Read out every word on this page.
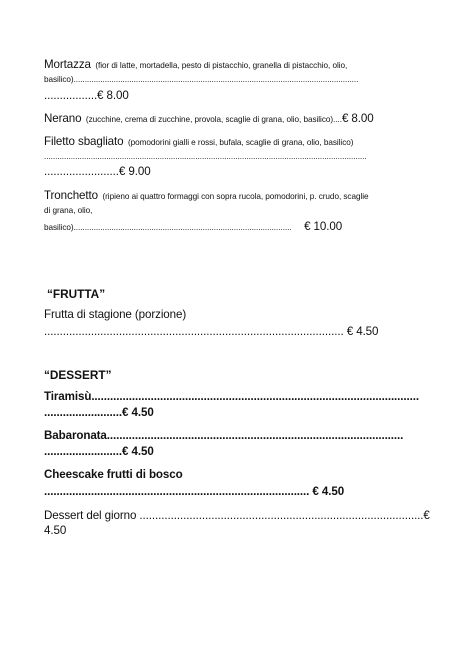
Mortazza (fior di latte, mortadella, pesto di pistacchio, granella di pistacchio, olio,
basilico)................................................................................................................................
.................€ 8.00
Nerano (zucchine, crema di zucchine, provola, scaglie di grana, olio, basilico)....€ 8.00
Filetto sbagliato (pomodorini gialli e rossi, bufala, scaglie di grana, olio, basilico)
.................................................................................................................................................
........................€ 9.00
Tronchetto (ripieno ai quattro formaggi con sopra rucola, pomodorini, p. crudo, scaglie
di grana, olio,
basilico).................................................................................................. € 10.00
“FRUTTA”
Frutta di stagione (porzione)
................................................................................................ € 4.50
“DESSERT”
Tiramisù.........................................................................................................
.........................€ 4.50
Babaronata...............................................................................................
.........................€ 4.50
Cheescake frutti di bosco
..................................................................................... € 4.50
Dessert del giorno ...........................................................................................€
4.50
